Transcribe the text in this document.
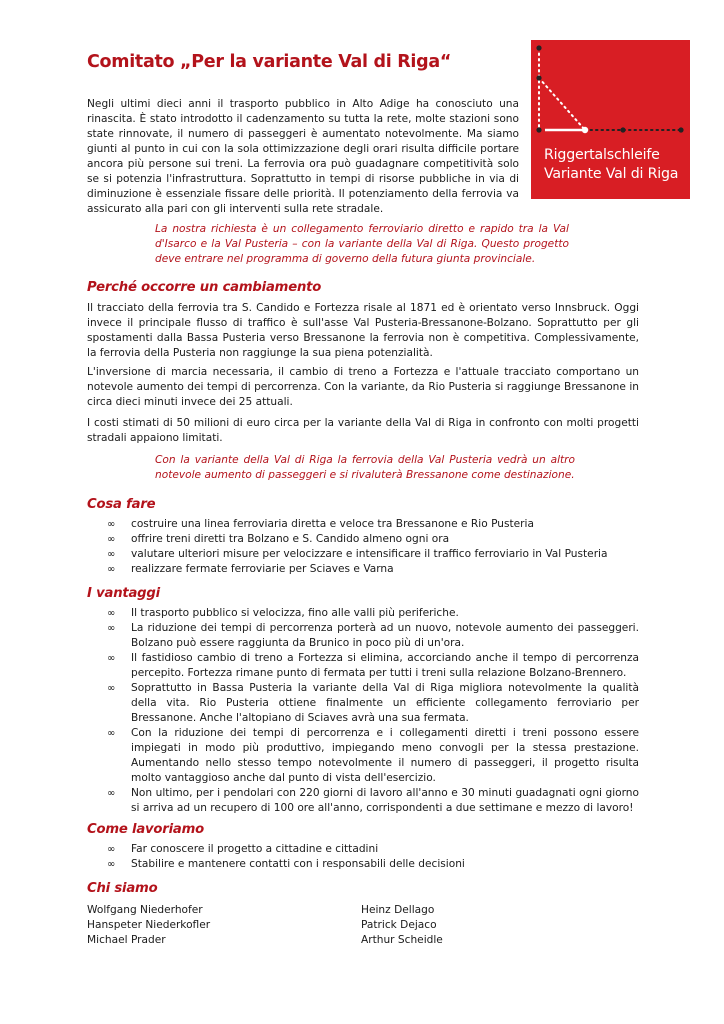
Comitato „Per la variante Val di Riga“
Riggertalschleife
Variante Val di Riga
Negli ultimi dieci anni il trasporto pubblico in Alto Adige ha conosciuto una rinascita. È stato introdotto il cadenzamento su tutta la rete, molte stazioni sono state rinnovate, il numero di passeggeri è aumentato notevolmente. Ma siamo giunti al punto in cui con la sola ottimizzazione degli orari risulta difficile portare ancora più persone sui treni. La ferrovia ora può guadagnare competitività solo se si potenzia l'infrastruttura. Soprattutto in tempi di risorse pubbliche in via di diminuzione è essenziale fissare delle priorità. Il potenziamento della ferrovia va assicurato alla pari con gli interventi sulla rete stradale.
La nostra richiesta è un collegamento ferroviario diretto e rapido tra la Val d'Isarco e la Val Pusteria – con la variante della Val di Riga. Questo progetto deve entrare nel programma di governo della futura giunta provinciale.
Perché occorre un cambiamento
Il tracciato della ferrovia tra S. Candido e Fortezza risale al 1871 ed è orientato verso Innsbruck. Oggi invece il principale flusso di traffico è sull'asse Val Pusteria-Bressanone-Bolzano. Soprattutto per gli spostamenti dalla Bassa Pusteria verso Bressanone la ferrovia non è competitiva. Complessivamente, la ferrovia della Pusteria non raggiunge la sua piena potenzialità.
L'inversione di marcia necessaria, il cambio di treno a Fortezza e l'attuale tracciato comportano un notevole aumento dei tempi di percorrenza. Con la variante, da Rio Pusteria si raggiunge Bressanone in circa dieci minuti invece dei 25 attuali.
I costi stimati di 50 milioni di euro circa per la variante della Val di Riga in confronto con molti progetti stradali appaiono limitati.
Con la variante della Val di Riga la ferrovia della Val Pusteria vedrà un altro notevole aumento di passeggeri e si rivaluterà Bressanone come destinazione.
Cosa fare
∞ costruire una linea ferroviaria diretta e veloce tra Bressanone e Rio Pusteria
∞ offrire treni diretti tra Bolzano e S. Candido almeno ogni ora
∞ valutare ulteriori misure per velocizzare e intensificare il traffico ferroviario in Val Pusteria
∞ realizzare fermate ferroviarie per Sciaves e Varna
I vantaggi
∞ Il trasporto pubblico si velocizza, fino alle valli più periferiche.
∞ La riduzione dei tempi di percorrenza porterà ad un nuovo, notevole aumento dei passeggeri. Bolzano può essere raggiunta da Brunico in poco più di un'ora.
∞ Il fastidioso cambio di treno a Fortezza si elimina, accorciando anche il tempo di percorrenza percepito. Fortezza rimane punto di fermata per tutti i treni sulla relazione Bolzano-Brennero.
∞ Soprattutto in Bassa Pusteria la variante della Val di Riga migliora notevolmente la qualità della vita. Rio Pusteria ottiene finalmente un efficiente collegamento ferroviario per Bressanone. Anche l'altopiano di Sciaves avrà una sua fermata.
∞ Con la riduzione dei tempi di percorrenza e i collegamenti diretti i treni possono essere impiegati in modo più produttivo, impiegando meno convogli per la stessa prestazione. Aumentando nello stesso tempo notevolmente il numero di passeggeri, il progetto risulta molto vantaggioso anche dal punto di vista dell'esercizio.
∞ Non ultimo, per i pendolari con 220 giorni di lavoro all'anno e 30 minuti guadagnati ogni giorno si arriva ad un recupero di 100 ore all'anno, corrispondenti a due settimane e mezzo di lavoro!
Come lavoriamo
∞ Far conoscere il progetto a cittadine e cittadini
∞ Stabilire e mantenere contatti con i responsabili delle decisioni
Chi siamo
Wolfgang Niederhofer
Hanspeter Niederkofler
Michael Prader
Heinz Dellago
Patrick Dejaco
Arthur Scheidle
